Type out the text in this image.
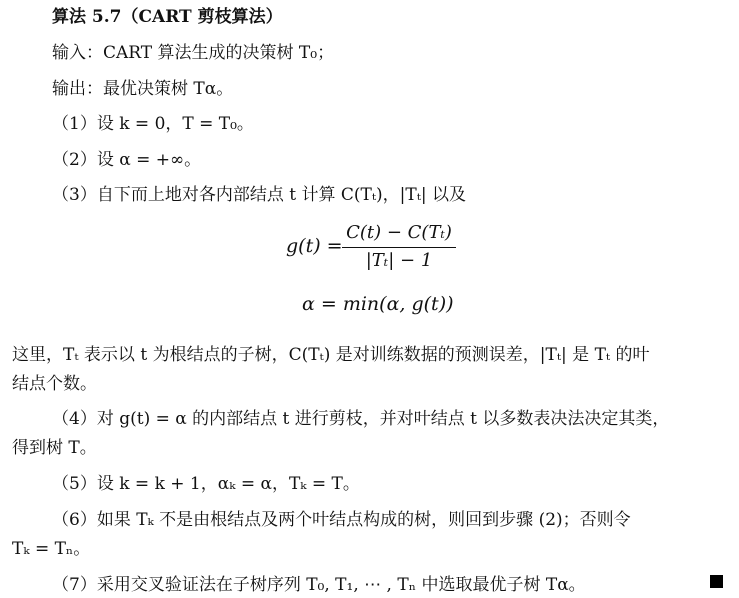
算法 5.7（CART 剪枝算法）
输入：CART 算法生成的决策树 T₀；
输出：最优决策树 Tα。
（1）设 k = 0，T = T₀。
（2）设 α = +∞。
（3）自下而上地对各内部结点 t 计算 C(Tₜ)，|Tₜ| 以及
g(t) =
C(t) − C(Tₜ)
|Tₜ| − 1
α = min(α, g(t))
这里，Tₜ 表示以 t 为根结点的子树，C(Tₜ) 是对训练数据的预测误差，|Tₜ| 是 Tₜ 的叶
结点个数。
（4）对 g(t) = α 的内部结点 t 进行剪枝，并对叶结点 t 以多数表决法决定其类，
得到树 T。
（5）设 k = k + 1，αₖ = α，Tₖ = T。
（6）如果 Tₖ 不是由根结点及两个叶结点构成的树，则回到步骤 (2)；否则令
Tₖ = Tₙ。
（7）采用交叉验证法在子树序列 T₀, T₁, ⋯ , Tₙ 中选取最优子树 Tα。
